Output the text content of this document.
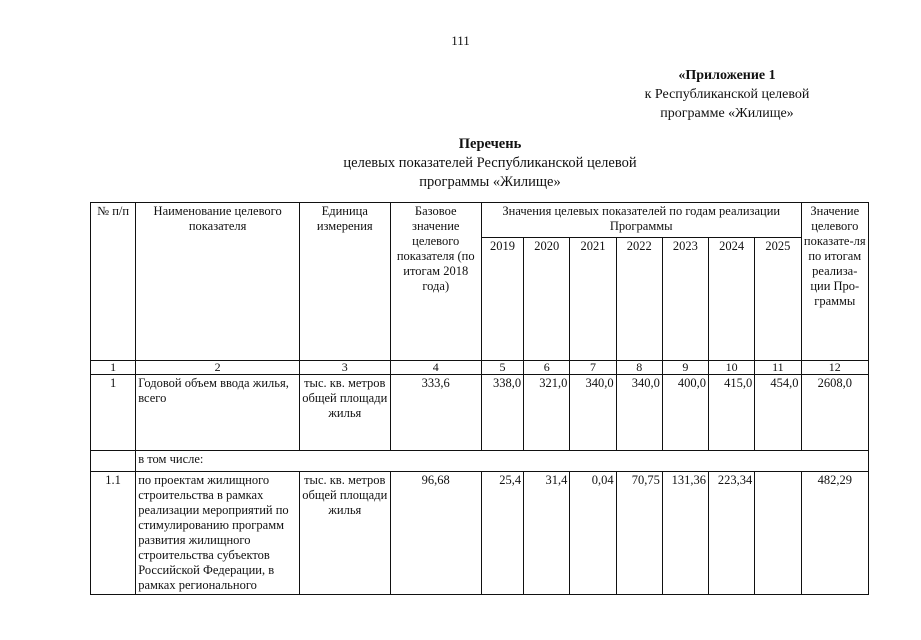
111
«Приложение 1
к Республиканской целевой
программе «Жилище»
Перечень
целевых показателей Республиканской целевой
программы «Жилище»
№ п/п	Наименование целевого показателя	Единица измерения	Базовое значение целевого показателя (по итогам 2018 года)	Значения целевых показателей по годам реализации Программы							Значение целевого показате-ля по итогам реализа-ции Про-граммы
				2019	2020	2021	2022	2023	2024	2025	
1	2	3	4	5	6	7	8	9	10	11	12
1	Годовой объем ввода жилья, всего	тыс. кв. метров общей площади жилья	333,6	338,0	321,0	340,0	340,0	400,0	415,0	454,0	2608,0
	в том числе:										
1.1	по проектам жилищного строительства в рамках реализации мероприятий по стимулированию программ развития жилищного строительства субъектов Российской Федерации, в рамках регионального	тыс. кв. метров общей площади жилья	96,68	25,4	31,4	0,04	70,75	131,36	223,34		482,29
